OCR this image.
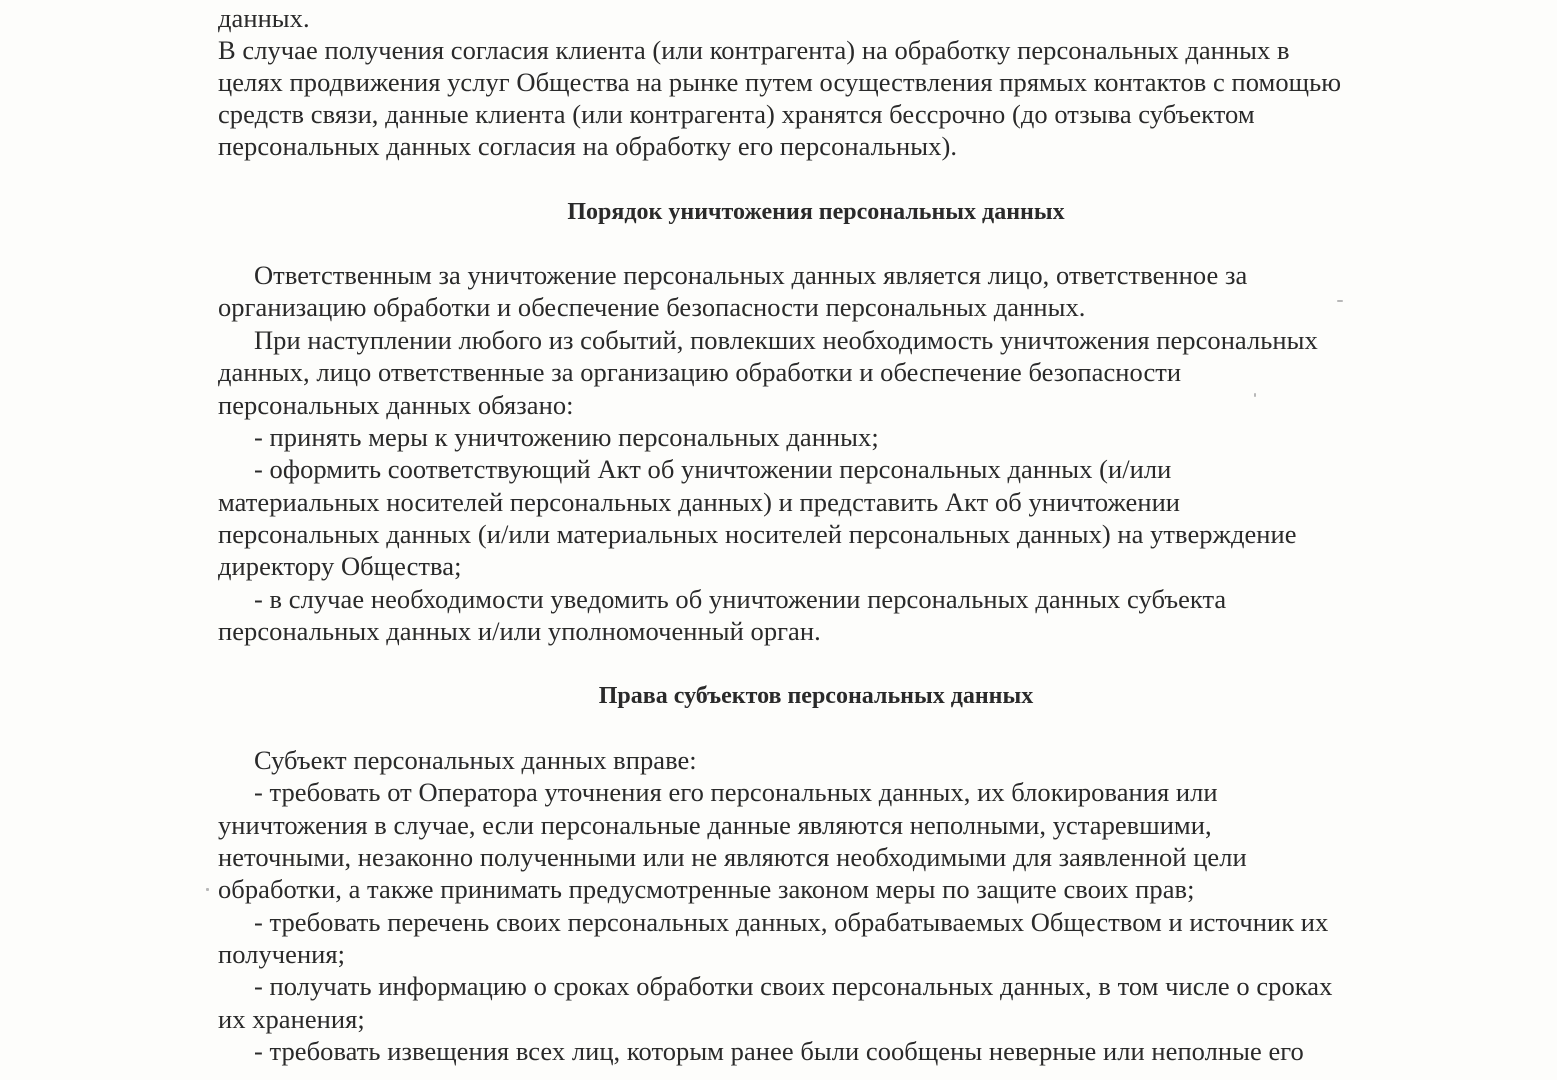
данных.
В случае получения согласия клиента (или контрагента) на обработку персональных данных в
целях продвижения услуг Общества на рынке путем осуществления прямых контактов с помощью
средств связи, данные клиента (или контрагента) хранятся бессрочно (до отзыва субъектом
персональных данных согласия на обработку его персональных).
Порядок уничтожения персональных данных
Ответственным за уничтожение персональных данных является лицо, ответственное за
организацию обработки и обеспечение безопасности персональных данных.
При наступлении любого из событий, повлекших необходимость уничтожения персональных
данных, лицо ответственные за организацию обработки и обеспечение безопасности
персональных данных обязано:
- принять меры к уничтожению персональных данных;
- оформить соответствующий Акт об уничтожении персональных данных (и/или
материальных носителей персональных данных) и представить Акт об уничтожении
персональных данных (и/или материальных носителей персональных данных) на утверждение
директору Общества;
- в случае необходимости уведомить об уничтожении персональных данных субъекта
персональных данных и/или уполномоченный орган.
Права субъектов персональных данных
Субъект персональных данных вправе:
- требовать от Оператора уточнения его персональных данных, их блокирования или
уничтожения в случае, если персональные данные являются неполными, устаревшими,
неточными, незаконно полученными или не являются необходимыми для заявленной цели
обработки, а также принимать предусмотренные законом меры по защите своих прав;
- требовать перечень своих персональных данных, обрабатываемых Обществом и источник их
получения;
- получать информацию о сроках обработки своих персональных данных, в том числе о сроках
их хранения;
- требовать извещения всех лиц, которым ранее были сообщены неверные или неполные его
